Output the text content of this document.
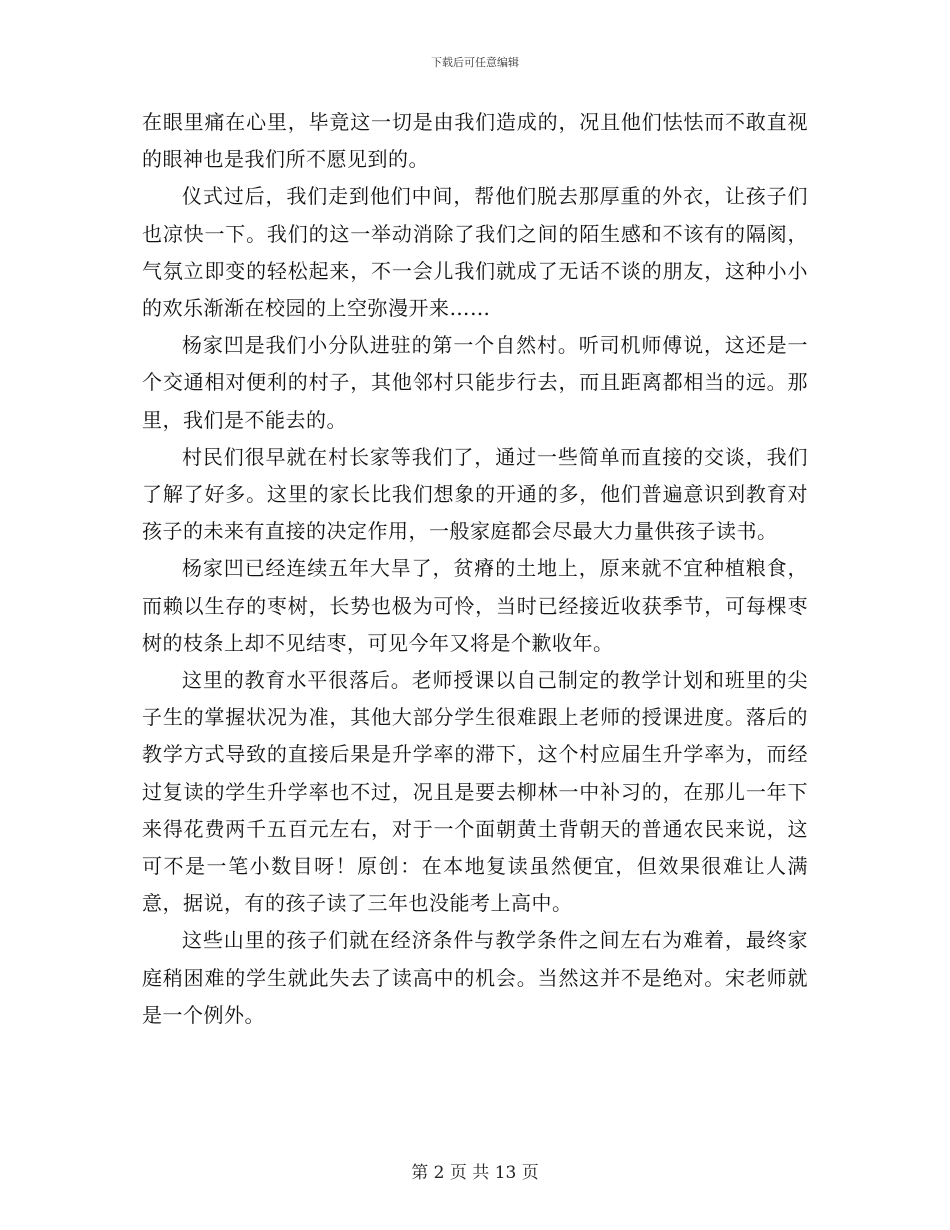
下载后可任意编辑

在眼里痛在心里，毕竟这一切是由我们造成的，况且他们怯怯而不敢直视的眼神也是我们所不愿见到的。

仪式过后，我们走到他们中间，帮他们脱去那厚重的外衣，让孩子们也凉快一下。我们的这一举动消除了我们之间的陌生感和不该有的隔阂，气氛立即变的轻松起来，不一会儿我们就成了无话不谈的朋友，这种小小的欢乐渐渐在校园的上空弥漫开来……

杨家凹是我们小分队进驻的第一个自然村。听司机师傅说，这还是一个交通相对便利的村子，其他邻村只能步行去，而且距离都相当的远。那里，我们是不能去的。

村民们很早就在村长家等我们了，通过一些简单而直接的交谈，我们了解了好多。这里的家长比我们想象的开通的多，他们普遍意识到教育对孩子的未来有直接的决定作用，一般家庭都会尽最大力量供孩子读书。

杨家凹已经连续五年大旱了，贫瘠的土地上，原来就不宜种植粮食，而赖以生存的枣树，长势也极为可怜，当时已经接近收获季节，可每棵枣树的枝条上却不见结枣，可见今年又将是个歉收年。

这里的教育水平很落后。老师授课以自己制定的教学计划和班里的尖子生的掌握状况为准，其他大部分学生很难跟上老师的授课进度。落后的教学方式导致的直接后果是升学率的滞下，这个村应届生升学率为，而经过复读的学生升学率也不过，况且是要去柳林一中补习的，在那儿一年下来得花费两千五百元左右，对于一个面朝黄土背朝天的普通农民来说，这可不是一笔小数目呀！原创：在本地复读虽然便宜，但效果很难让人满意，据说，有的孩子读了三年也没能考上高中。

这些山里的孩子们就在经济条件与教学条件之间左右为难着，最终家庭稍困难的学生就此失去了读高中的机会。当然这并不是绝对。宋老师就是一个例外。

第 2 页 共 13 页
